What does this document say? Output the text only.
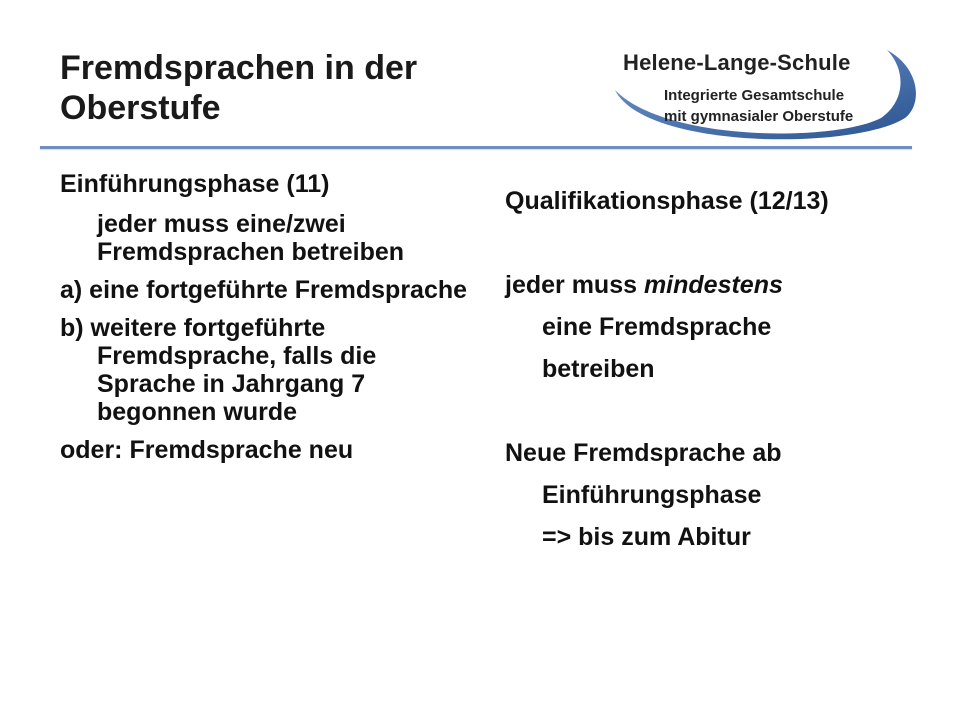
Fremdsprachen in der
Oberstufe
Helene-Lange-Schule
Integrierte Gesamtschule
mit gymnasialer Oberstufe

Einführungsphase (11)

jeder muss eine/zwei Fremdsprachen betreiben

a) eine fortgeführte Fremdsprache

b) weitere fortgeführte Fremdsprache, falls die Sprache in Jahrgang 7 begonnen wurde

oder: Fremdsprache neu

Qualifikationsphase (12/13)

jeder muss mindestens

eine Fremdsprache

betreiben

Neue Fremdsprache ab

Einführungsphase

=> bis zum Abitur
